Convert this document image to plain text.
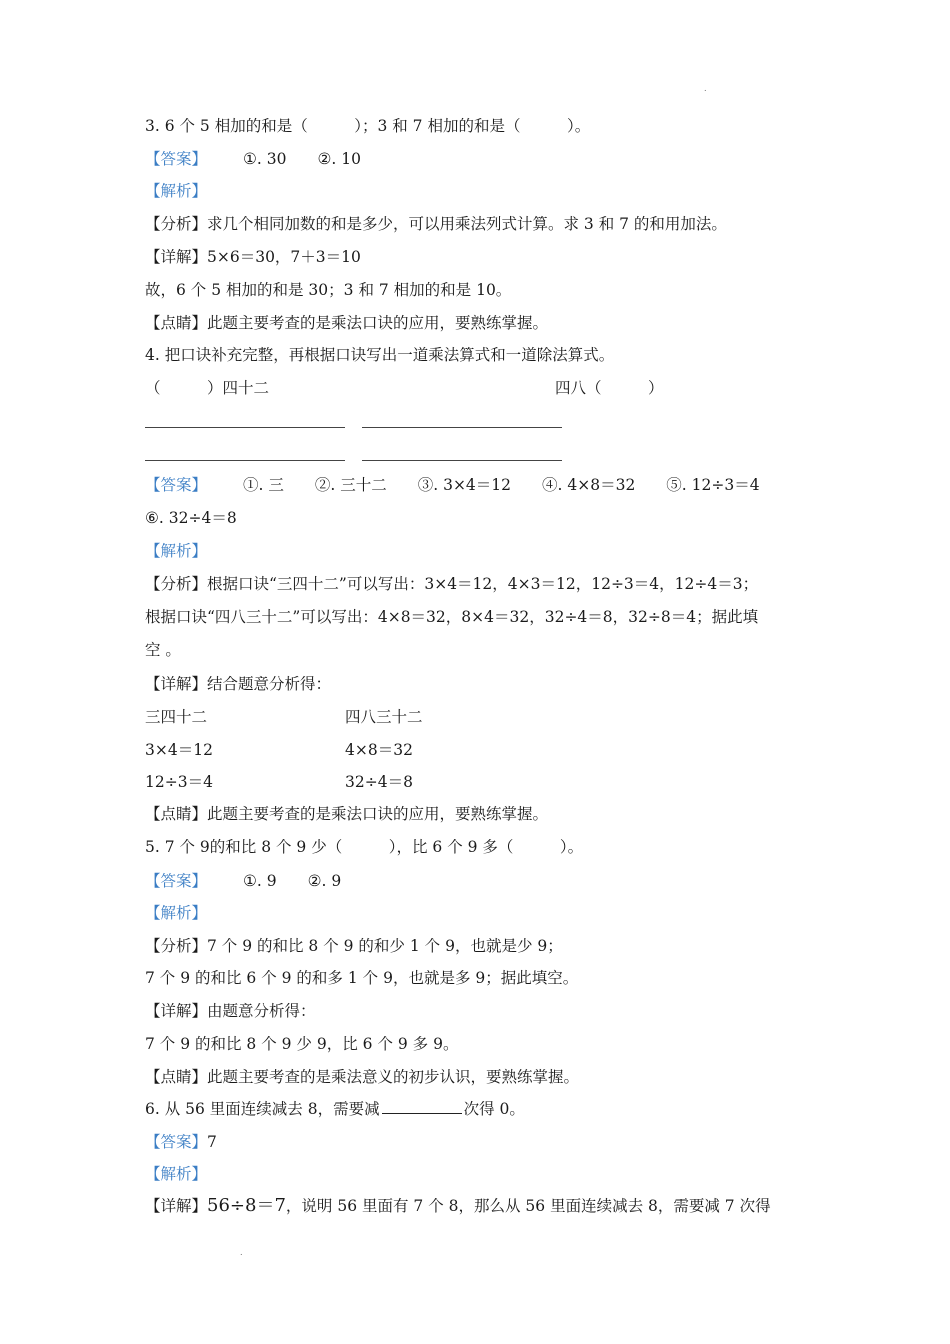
.
.
3. 6 个 5 相加的和是（　　　）；3 和 7 相加的和是（　　　）。
【答案】 ①. 30　　②. 10
【解析】
【分析】求几个相同加数的和是多少，可以用乘法列式计算。求 3 和 7 的和用加法。
【详解】5×6＝30，7＋3＝10
故，6 个 5 相加的和是 30；3 和 7 相加的和是 10。
【点睛】此题主要考查的是乘法口诀的应用，要熟练掌握。
4. 把口诀补充完整，再根据口诀写出一道乘法算式和一道除法算式。
（　　　）四十二	四八（　　　）
【答案】 ①. 三　　②. 三十二　　③. 3×4＝12　　④. 4×8＝32　　⑤. 12÷3＝4
⑥. 32÷4＝8
【解析】
【分析】根据口诀“三四十二”可以写出：3×4＝12，4×3＝12，12÷3＝4，12÷4＝3；
根据口诀“四八三十二”可以写出：4×8＝32，8×4＝32，32÷4＝8，32÷8＝4；据此填
空 。
【详解】结合题意分析得：
三四十二	四八三十二
3×4＝12	4×8＝32
12÷3＝4	32÷4＝8
【点睛】此题主要考查的是乘法口诀的应用，要熟练掌握。
5. 7 个 9的和比 8 个 9 少（　　　），比 6 个 9 多（　　　）。
【答案】 ①. 9　　②. 9
【解析】
【分析】7 个 9 的和比 8 个 9 的和少 1 个 9，也就是少 9；
7 个 9 的和比 6 个 9 的和多 1 个 9，也就是多 9；据此填空。
【详解】由题意分析得：
7 个 9 的和比 8 个 9 少 9，比 6 个 9 多 9。
【点睛】此题主要考查的是乘法意义的初步认识，要熟练掌握。
6. 从 56 里面连续减去 8，需要减	次得 0。
【答案】7
【解析】
【详解】56÷8＝7，说明 56 里面有 7 个 8，那么从 56 里面连续减去 8，需要减 7 次得
